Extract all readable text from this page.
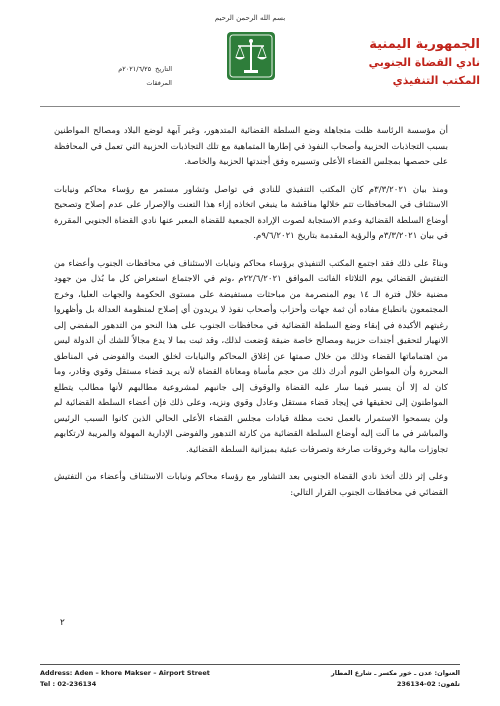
بسم الله الرحمن الرحيم
الجمهورية اليمنية
نادي القضاة الجنوبي
المكتب التنفيذي
التاريخ
٢٠٢١/٦/٢٥م
المرفقات

أن مؤسسة الرئاسة ظلت متجاهلة وضع السلطة القضائية المتدهور، وغير آبهة لوضع البلاد ومصالح المواطنين بسبب التجاذبات الحزبية وأصحاب النفوذ في إطارها المتماهية مع تلك التجاذبات الحزبية التي تعمل في المحافظة على حصصها بمجلس القضاء الأعلى وتسييره وفق أجندتها الحزبية والخاصة.

ومنذ بيان ٣/٣/٢٠٢١م كان المكتب التنفيذي للنادي في تواصل وتشاور مستمر مع رؤساء محاكم ونيابات الاستئناف في المحافظات تتم خلالها مناقشة ما ينبغي اتخاذه إزاء هذا التعنت والإصرار على عدم إصلاح وتصحيح أوضاع السلطة القضائية وعدم الاستجابة لصوت الإرادة الجمعية للقضاة المعبر عنها نادي القضاة الجنوبي المقررة في بيان ٣/٣/٢٠٢١م والرؤية المقدمة بتاريخ ٩/٦/٢٠٢١م.

وبناءً على ذلك فقد اجتمع المكتب التنفيذي برؤساء محاكم ونيابات الاستئناف في محافظات الجنوب وأعضاء من التفتيش القضائي يوم الثلاثاء الفائت الموافق ٢٢/٦/٢٠٢١م ،وتم في الاجتماع استعراض كل ما بُذل من جهود مضنية خلال فترة الـ ١٤ يوم المنصرمة من مباحثات مستفيضة على مستوى الحكومة والجهات العليا، وخرج المجتمعون بانطباع مفاده أن ثمة جهات وأحزاب وأصحاب نفوذ لا يريدون أي إصلاح لمنظومة العدالة بل وأظهروا رغبتهم الأكيدة في إبقاء وضع السلطة القضائية في محافظات الجنوب على هذا النحو من التدهور المفضي إلى الانهيار لتحقيق أجندات حزبية ومصالح خاصة ضيقة وُضعت لذلك، وقد ثبت بما لا يدع مجالاً للشك أن الدولة ليس من اهتماماتها القضاء وذلك من خلال صمتها عن إغلاق المحاكم والنيابات لخلق العبث والفوضى في المناطق المحررة وأن المواطن اليوم أدرك ذلك من حجم مأساة ومعاناة القضاة لأنه يريد قضاء مستقل وقوي وقادر، وما كان له إلا أن يسير فيما سار عليه القضاة والوقوف إلى جانبهم لمشروعية مطالبهم لأنها مطالب يتطلع المواطنون إلى تحقيقها في إيجاد قضاء مستقل وعادل وقوي ونزيه، وعلى ذلك فإن أعضاء السلطة القضائية لم ولن يسمحوا الاستمرار بالعمل تحت مظلة قيادات مجلس القضاء الأعلى الحالي الذين كانوا السبب الرئيس والمباشر في ما آلت إليه أوضاع السلطة القضائية من كارثة التدهور والفوضى الإدارية المهولة والمريبة لارتكابهم تجاوزات مالية وخروقات صارخة وتصرفات عبثية بميزانية السلطة القضائية.

وعلى إثر ذلك أتخذ نادي القضاة الجنوبي بعد التشاور مع رؤساء محاكم ونيابات الاستئناف وأعضاء من التفتيش القضائي في محافظات الجنوب القرار التالي:

٢
Address: Aden – khore Makser – Airport Street
Tel : 02-236134
العنوان: عدن ـ خور مكسر ـ شارع المطار
تلفون: 02-236134
